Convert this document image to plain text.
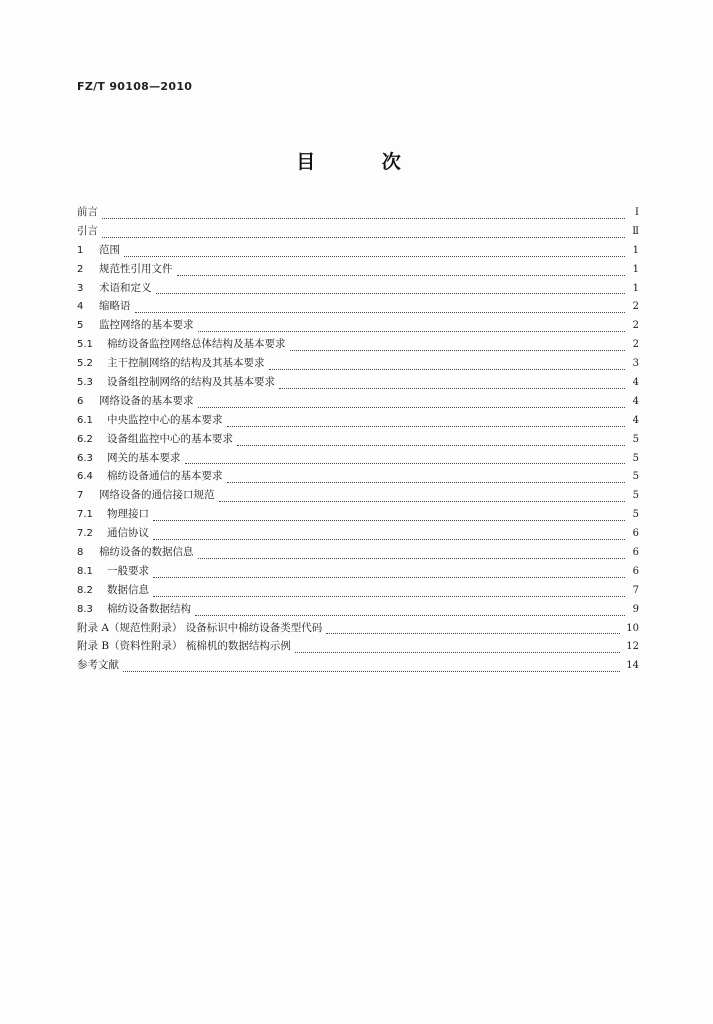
FZ/T 90108—2010
目 次
前言	Ⅰ
引言	Ⅱ
1	范围	1
2	规范性引用文件	1
3	术语和定义	1
4	缩略语	2
5	监控网络的基本要求	2
5.1	棉纺设备监控网络总体结构及基本要求	2
5.2	主干控制网络的结构及其基本要求	3
5.3	设备组控制网络的结构及其基本要求	4
6	网络设备的基本要求	4
6.1	中央监控中心的基本要求	4
6.2	设备组监控中心的基本要求	5
6.3	网关的基本要求	5
6.4	棉纺设备通信的基本要求	5
7	网络设备的通信接口规范	5
7.1	物理接口	5
7.2	通信协议	6
8	棉纺设备的数据信息	6
8.1	一般要求	6
8.2	数据信息	7
8.3	棉纺设备数据结构	9
附录 A（规范性附录） 设备标识中棉纺设备类型代码	10
附录 B（资料性附录） 梳棉机的数据结构示例	12
参考文献	14
